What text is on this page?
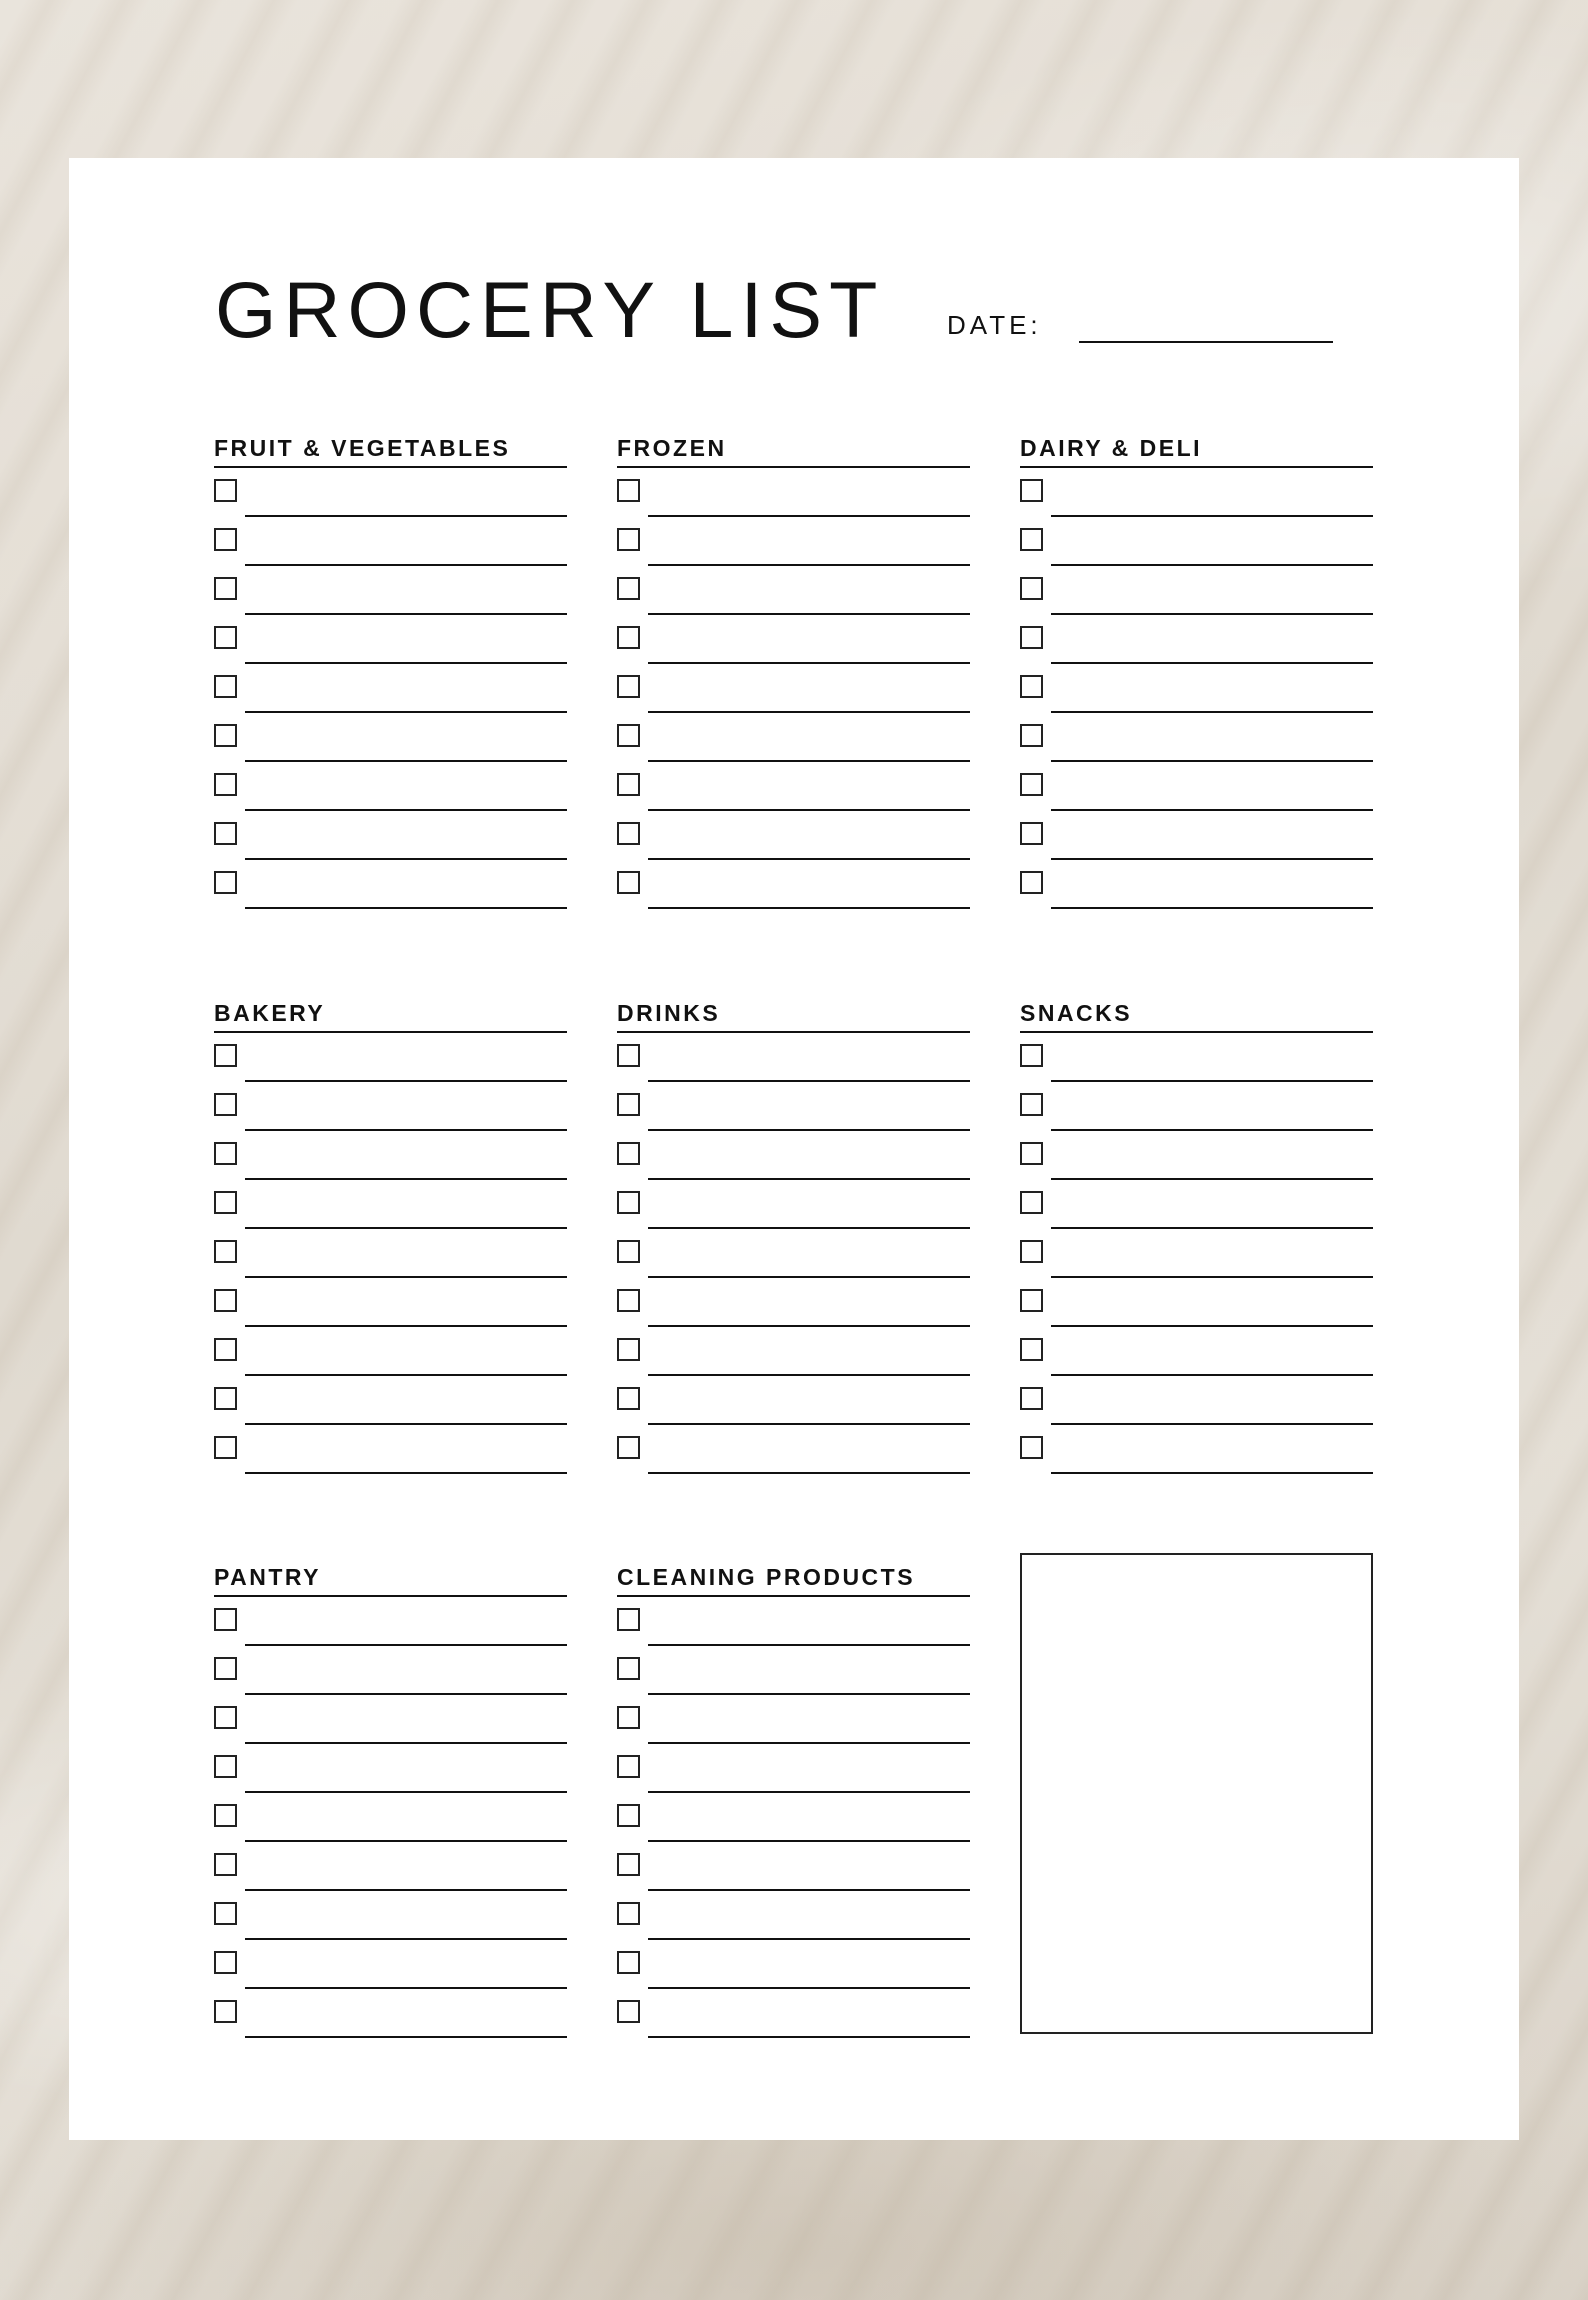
GROCERY LIST DATE:
FRUIT & VEGETABLES	FROZEN	DAIRY & DELI
BAKERY	DRINKS	SNACKS
PANTRY	CLEANING PRODUCTS
